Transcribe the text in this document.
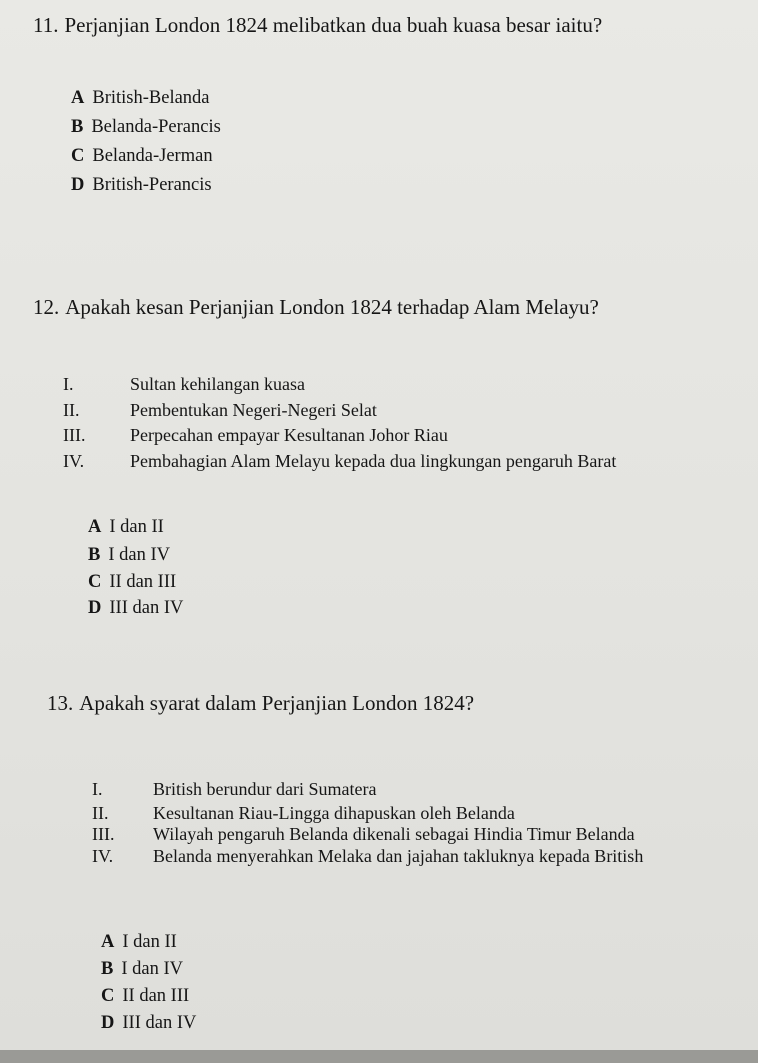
11. Perjanjian London 1824 melibatkan dua buah kuasa besar iaitu?
A British-Belanda
B Belanda-Perancis
C Belanda-Jerman
D British-Perancis
12. Apakah kesan Perjanjian London 1824 terhadap Alam Melayu?
I.	Sultan kehilangan kuasa
II.	Pembentukan Negeri-Negeri Selat
III. Perpecahan empayar Kesultanan Johor Riau
IV.	Pembahagian Alam Melayu kepada dua lingkungan pengaruh Barat
A I dan II
B I dan IV
C II dan III
D III dan IV
13. Apakah syarat dalam Perjanjian London 1824?
I.	British berundur dari Sumatera
II. Kesultanan Riau-Lingga dihapuskan oleh Belanda
III. Wilayah pengaruh Belanda dikenali sebagai Hindia Timur Belanda
IV. Belanda menyerahkan Melaka dan jajahan takluknya kepada British
A I dan II
B I dan IV
C II dan III
D III dan IV
